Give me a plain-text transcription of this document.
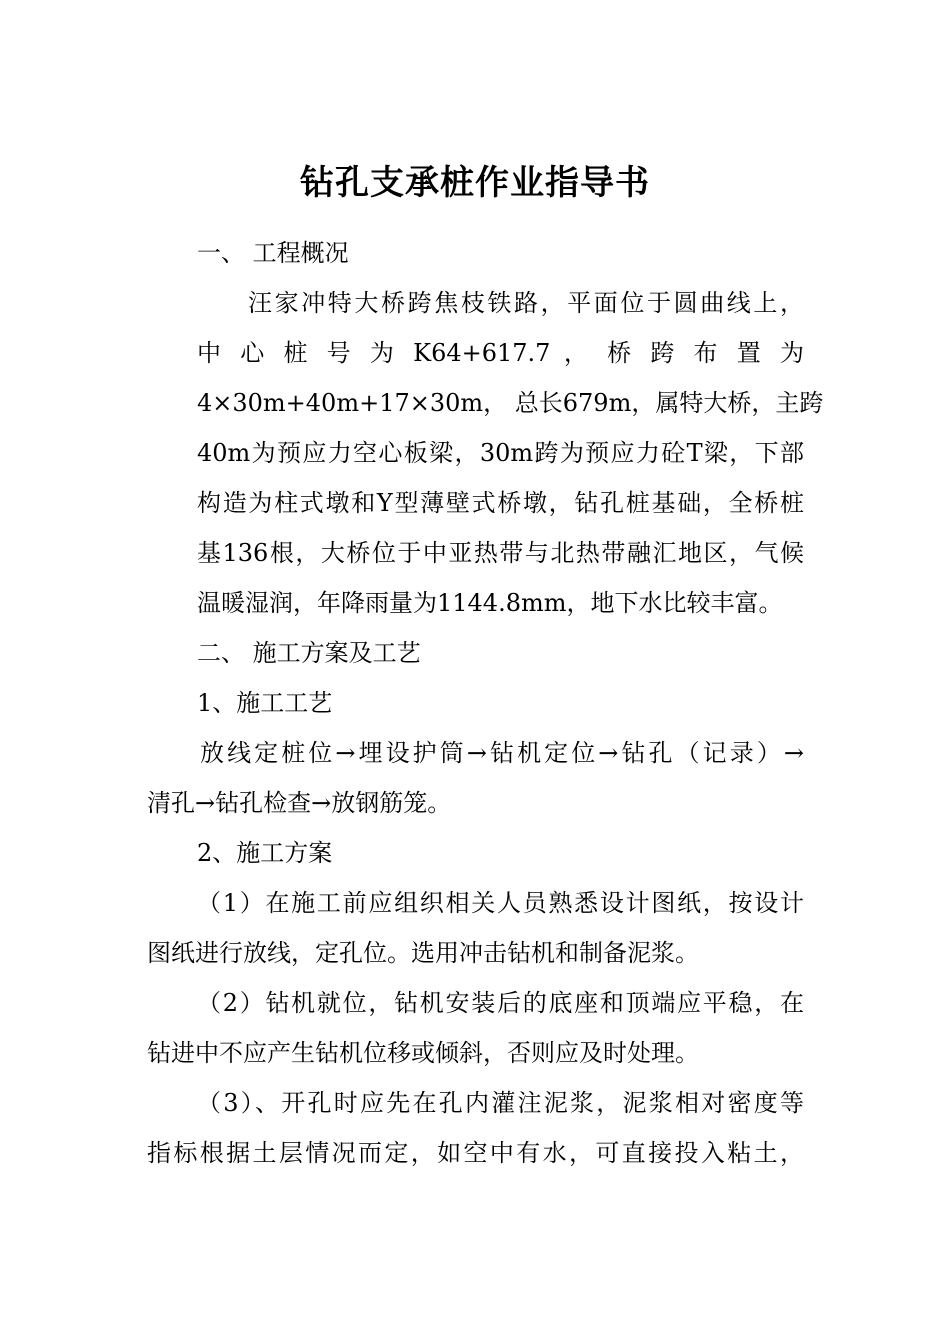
钻孔支承桩作业指导书
一、 工程概况
汪家冲特大桥跨焦枝铁路，平面位于圆曲线上，
中 心 桩 号 为 K64+617.7 ， 桥 跨 布 置 为
4×30m+40m+17×30m， 总长679m，属特大桥，主跨
40m为预应力空心板梁，30m跨为预应力砼T梁，下部
构造为柱式墩和Y型薄壁式桥墩，钻孔桩基础，全桥桩
基136根，大桥位于中亚热带与北热带融汇地区，气候
温暖湿润，年降雨量为1144.8mm，地下水比较丰富。
二、 施工方案及工艺
1、施工工艺
放线定桩位→埋设护筒→钻机定位→钻孔（记录）→
清孔→钻孔检查→放钢筋笼。
2、施工方案
（1）在施工前应组织相关人员熟悉设计图纸，按设计
图纸进行放线，定孔位。选用冲击钻机和制备泥浆。
（2）钻机就位，钻机安装后的底座和顶端应平稳，在
钻进中不应产生钻机位移或倾斜，否则应及时处理。
（3）、开孔时应先在孔内灌注泥浆，泥浆相对密度等
指标根据土层情况而定，如空中有水，可直接投入粘土，
